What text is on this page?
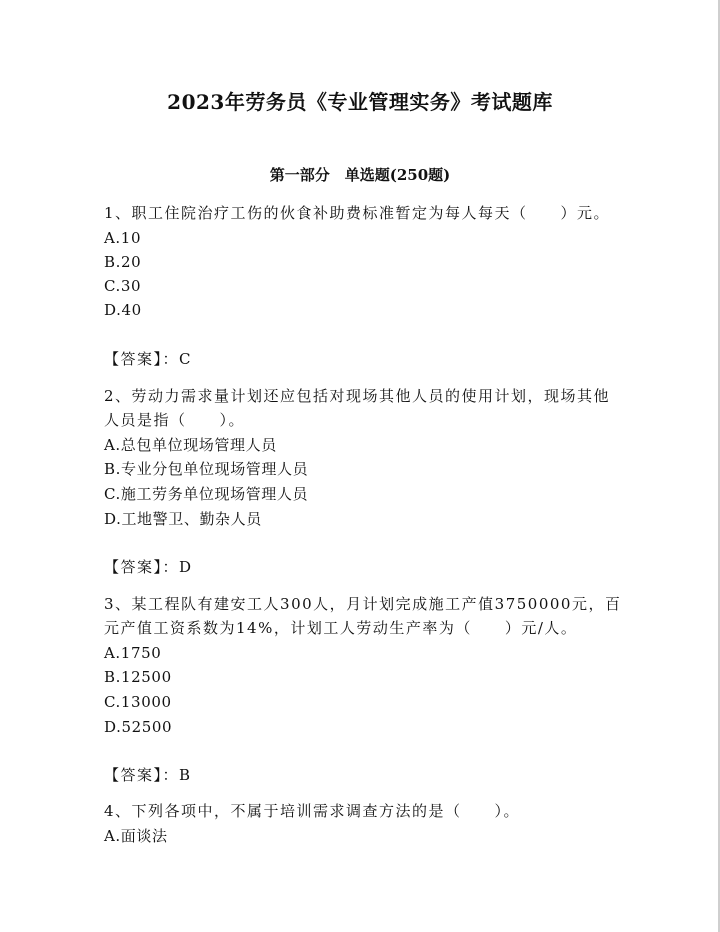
2023年劳务员《专业管理实务》考试题库
第一部分　单选题(250题)
1、职工住院治疗工伤的伙食补助费标准暂定为每人每天（　　）元。
A.10
B.20
C.30
D.40
【答案】：C
2、劳动力需求量计划还应包括对现场其他人员的使用计划，现场其他
人员是指（　　）。
A.总包单位现场管理人员
B.专业分包单位现场管理人员
C.施工劳务单位现场管理人员
D.工地警卫、勤杂人员
【答案】：D
3、某工程队有建安工人300人，月计划完成施工产值3750000元，百
元产值工资系数为14%，计划工人劳动生产率为（　　）元/人。
A.1750
B.12500
C.13000
D.52500
【答案】：B
4、下列各项中，不属于培训需求调查方法的是（　　）。
A.面谈法
